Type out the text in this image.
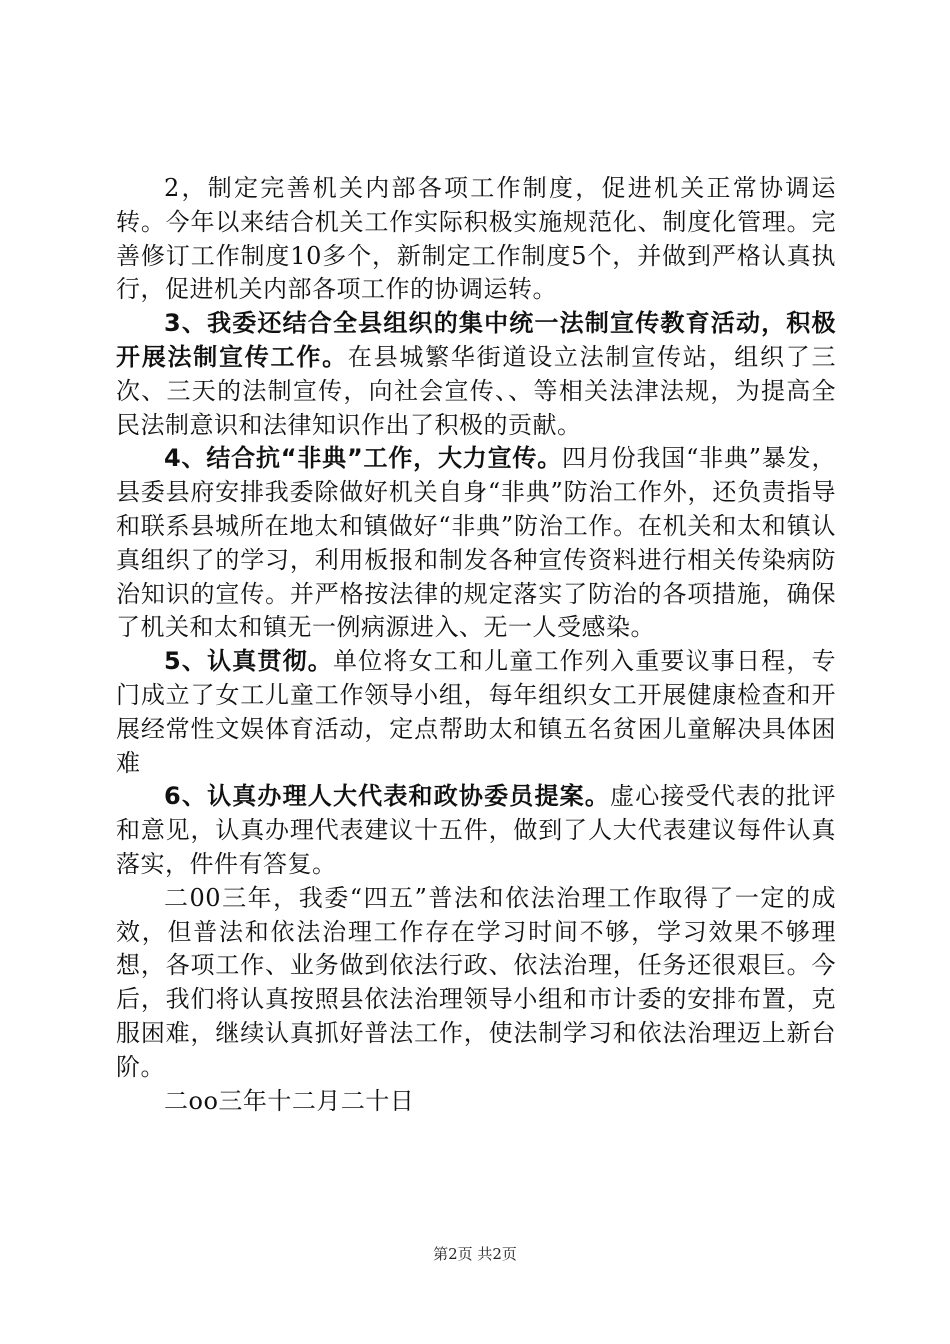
2，制定完善机关内部各项工作制度，促进机关正常协调运转。今年以来结合机关工作实际积极实施规范化、制度化管理。完善修订工作制度10多个，新制定工作制度5个，并做到严格认真执行，促进机关内部各项工作的协调运转。

3、我委还结合全县组织的集中统一法制宣传教育活动，积极开展法制宣传工作。在县城繁华街道设立法制宣传站，组织了三次、三天的法制宣传，向社会宣传、、等相关法津法规，为提高全民法制意识和法律知识作出了积极的贡献。

4、结合抗“非典”工作，大力宣传。四月份我国“非典”暴发，县委县府安排我委除做好机关自身“非典”防治工作外，还负责指导和联系县城所在地太和镇做好“非典”防治工作。在机关和太和镇认真组织了的学习，利用板报和制发各种宣传资料进行相关传染病防治知识的宣传。并严格按法律的规定落实了防治的各项措施，确保了机关和太和镇无一例病源进入、无一人受感染。

5、认真贯彻。单位将女工和儿童工作列入重要议事日程，专门成立了女工儿童工作领导小组，每年组织女工开展健康检查和开展经常性文娱体育活动，定点帮助太和镇五名贫困儿童解决具体困难

6、认真办理人大代表和政协委员提案。虚心接受代表的批评和意见，认真办理代表建议十五件，做到了人大代表建议每件认真落实，件件有答复。

二00三年，我委“四五”普法和依法治理工作取得了一定的成效，但普法和依法治理工作存在学习时间不够，学习效果不够理想，各项工作、业务做到依法行政、依法治理，任务还很艰巨。今后，我们将认真按照县依法治理领导小组和市计委的安排布置，克服困难，继续认真抓好普法工作，使法制学习和依法治理迈上新台阶。

二oo三年十二月二十日

第2页 共2页
